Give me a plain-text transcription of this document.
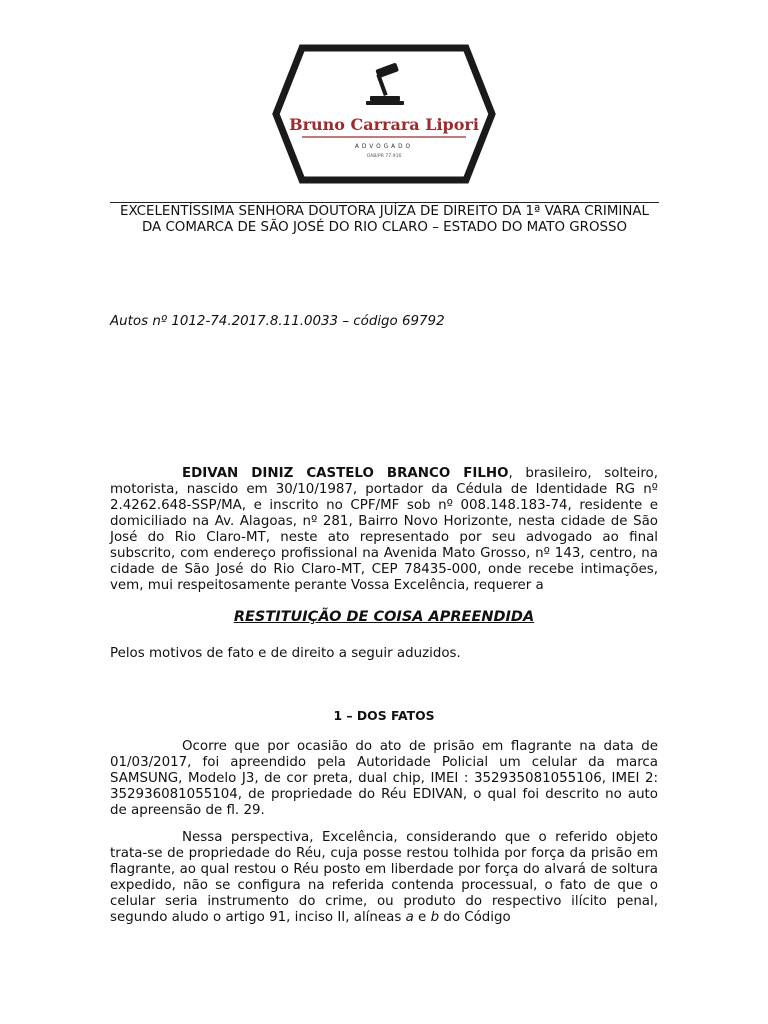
Bruno Carrara Lipori
ADVOGADO
OAB/PR 77.916
EXCELENTÍSSIMA SENHORA DOUTORA JUÍZA DE DIREITO DA 1ª VARA CRIMINAL DA COMARCA DE SÃO JOSÉ DO RIO CLARO – ESTADO DO MATO GROSSO
Autos nº 1012-74.2017.8.11.0033 – código 69792
EDIVAN DINIZ CASTELO BRANCO FILHO, brasileiro, solteiro, motorista, nascido em 30/10/1987, portador da Cédula de Identidade RG nº 2.4262.648-SSP/MA, e inscrito no CPF/MF sob nº 008.148.183-74, residente e domiciliado na Av. Alagoas, nº 281, Bairro Novo Horizonte, nesta cidade de São José do Rio Claro-MT, neste ato representado por seu advogado ao final subscrito, com endereço profissional na Avenida Mato Grosso, nº 143, centro, na cidade de São José do Rio Claro-MT, CEP 78435-000, onde recebe intimações, vem, mui respeitosamente perante Vossa Excelência, requerer a
RESTITUIÇÃO DE COISA APREENDIDA
Pelos motivos de fato e de direito a seguir aduzidos.
1 – DOS FATOS
Ocorre que por ocasião do ato de prisão em flagrante na data de 01/03/2017, foi apreendido pela Autoridade Policial um celular da marca SAMSUNG, Modelo J3, de cor preta, dual chip, IMEI : 352935081055106, IMEI 2: 352936081055104, de propriedade do Réu EDIVAN, o qual foi descrito no auto de apreensão de fl. 29.
Nessa perspectiva, Excelência, considerando que o referido objeto trata-se de propriedade do Réu, cuja posse restou tolhida por força da prisão em flagrante, ao qual restou o Réu posto em liberdade por força do alvará de soltura expedido, não se configura na referida contenda processual, o fato de que o celular seria instrumento do crime, ou produto do respectivo ilícito penal, segundo aludo o artigo 91, inciso II, alíneas a e b do Código
